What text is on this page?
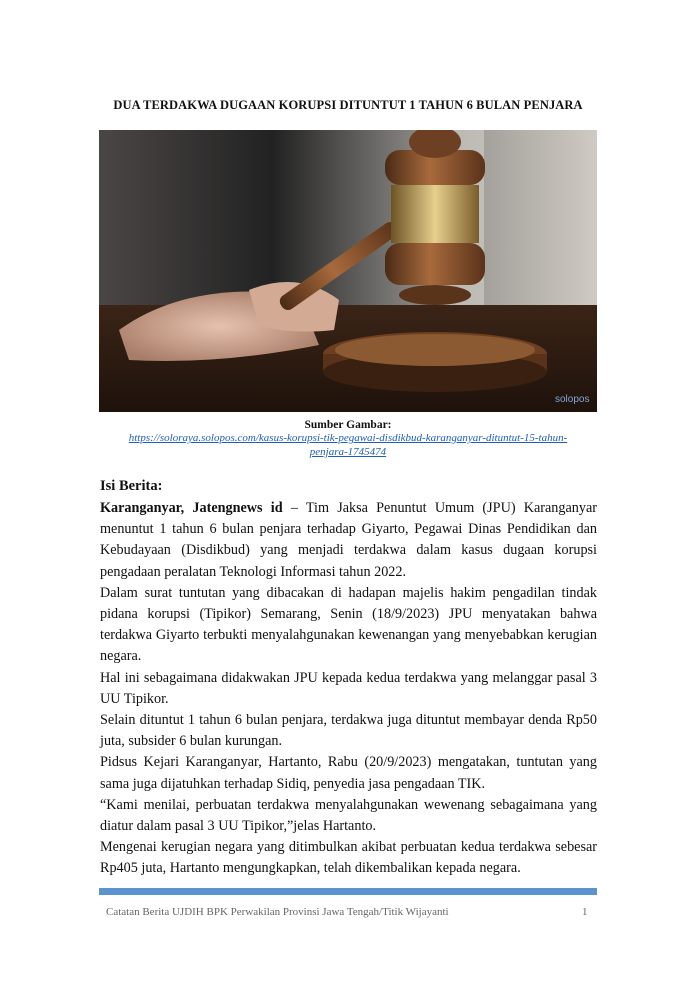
DUA TERDAKWA DUGAAN KORUPSI DITUNTUT 1 TAHUN 6 BULAN PENJARA
solopos
Sumber Gambar:
https://soloraya.solopos.com/kasus-korupsi-tik-pegawai-disdikbud-karanganyar-dituntut-15-tahun-penjara-1745474
Isi Berita:

Karanganyar, Jatengnews id – Tim Jaksa Penuntut Umum (JPU) Karanganyar menuntut 1 tahun 6 bulan penjara terhadap Giyarto, Pegawai Dinas Pendidikan dan Kebudayaan (Disdikbud) yang menjadi terdakwa dalam kasus dugaan korupsi pengadaan peralatan Teknologi Informasi tahun 2022.

Dalam surat tuntutan yang dibacakan di hadapan majelis hakim pengadilan tindak pidana korupsi (Tipikor) Semarang, Senin (18/9/2023) JPU menyatakan bahwa terdakwa Giyarto terbukti menyalahgunakan kewenangan yang menyebabkan kerugian negara.

Hal ini sebagaimana didakwakan JPU kepada kedua terdakwa yang melanggar pasal 3 UU Tipikor.

Selain dituntut 1 tahun 6 bulan penjara, terdakwa juga dituntut membayar denda Rp50 juta, subsider 6 bulan kurungan.

Pidsus Kejari Karanganyar, Hartanto, Rabu (20/9/2023) mengatakan, tuntutan yang sama juga dijatuhkan terhadap Sidiq, penyedia jasa pengadaan TIK.

“Kami menilai, perbuatan terdakwa menyalahgunakan wewenang sebagaimana yang diatur dalam pasal 3 UU Tipikor,”jelas Hartanto.

Mengenai kerugian negara yang ditimbulkan akibat perbuatan kedua terdakwa sebesar Rp405 juta, Hartanto mengungkapkan, telah dikembalikan kepada negara.

Catatan Berita UJDIH BPK Perwakilan Provinsi Jawa Tengah/Titik Wijayanti	1
